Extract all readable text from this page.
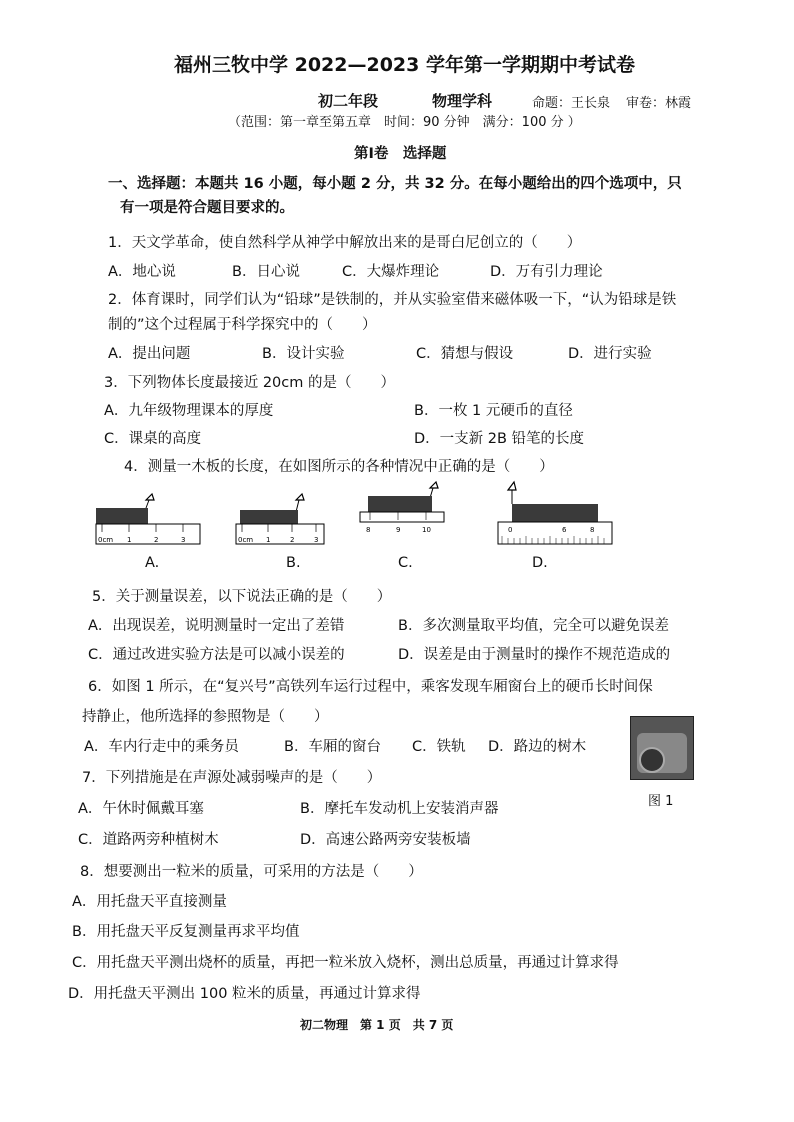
福州三牧中学 2022—2023 学年第一学期期中考试卷
初二年段	物理学科	命题：王长泉 审卷：林霞
（范围：第一章至第五章　时间：90 分钟　满分：100 分 ）
第Ⅰ卷　选择题
一、选择题：本题共 16 小题，每小题 2 分，共 32 分。在每小题给出的四个选项中，只
有一项是符合题目要求的。
1．天文学革命，使自然科学从神学中解放出来的是哥白尼创立的（　　）
A．地心说	B．日心说	C．大爆炸理论	D．万有引力理论
2．体育课时，同学们认为“铅球”是铁制的，并从实验室借来磁体吸一下，“认为铅球是铁
制的”这个过程属于科学探究中的（　　）
A．提出问题	B．设计实验	C．猜想与假设	D．进行实验
3．下列物体长度最接近 20cm 的是（　　）
A．九年级物理课本的厚度	B．一枚 1 元硬币的直径
C．课桌的高度	D．一支新 2B 铅笔的长度
4．测量一木板的长度，在如图所示的各种情况中正确的是（　　）
0cm 1	2	3
A.
0cm 1	2	3
B.
8	9	10
C.
0	6	8
D.
5．关于测量误差，以下说法正确的是（　　）
A．出现误差，说明测量时一定出了差错	B．多次测量取平均值，完全可以避免误差
C．通过改进实验方法是可以减小误差的	D．误差是由于测量时的操作不规范造成的
6．如图 1 所示，在“复兴号”高铁列车运行过程中，乘客发现车厢窗台上的硬币长时间保
持静止，他所选择的参照物是（　　）
A．车内行走中的乘务员	B．车厢的窗台 C．铁轨 D．路边的树木
图 1
7．下列措施是在声源处减弱噪声的是（　　）
A．午休时佩戴耳塞	B．摩托车发动机上安装消声器
C．道路两旁种植树木	D．高速公路两旁安装板墙
8．想要测出一粒米的质量，可采用的方法是（　　）
A．用托盘天平直接测量
B．用托盘天平反复测量再求平均值
C．用托盘天平测出烧杯的质量，再把一粒米放入烧杯，测出总质量，再通过计算求得
D．用托盘天平测出 100 粒米的质量，再通过计算求得
初二物理　第 1 页　共 7 页
